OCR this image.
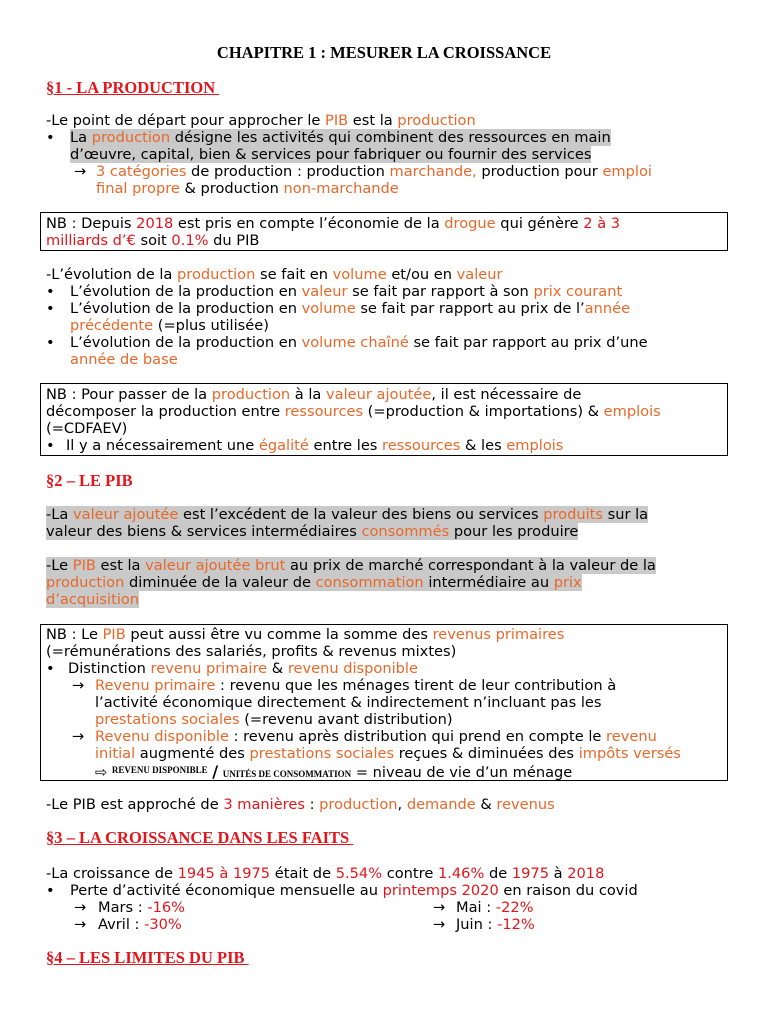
CHAPITRE 1 : MESURER LA CROISSANCE
§1 - LA PRODUCTION
-Le point de départ pour approcher le PIB est la production
• La production désigne les activités qui combinent des ressources en main
d’œuvre, capital, bien & services pour fabriquer ou fournir des services
→ 3 catégories de production : production marchande, production pour emploi
final propre & production non-marchande
NB : Depuis 2018 est pris en compte l’économie de la drogue qui génère 2 à 3
milliards d’€ soit 0.1% du PIB
-L’évolution de la production se fait en volume et/ou en valeur
• L’évolution de la production en valeur se fait par rapport à son prix courant
• L’évolution de la production en volume se fait par rapport au prix de l’année
précédente (=plus utilisée)
• L’évolution de la production en volume chaîné se fait par rapport au prix d’une
année de base
NB : Pour passer de la production à la valeur ajoutée, il est nécessaire de
décomposer la production entre ressources (=production & importations) & emplois
(=CDFAEV)
• Il y a nécessairement une égalité entre les ressources & les emplois
§2 – LE PIB
-La valeur ajoutée est l’excédent de la valeur des biens ou services produits sur la
valeur des biens & services intermédiaires consommés pour les produire
-Le PIB est la valeur ajoutée brut au prix de marché correspondant à la valeur de la
production diminuée de la valeur de consommation intermédiaire au prix
d’acquisition
NB : Le PIB peut aussi être vu comme la somme des revenus primaires
(=rémunérations des salariés, profits & revenus mixtes)
• Distinction revenu primaire & revenu disponible
→ Revenu primaire : revenu que les ménages tirent de leur contribution à
l’activité économique directement & indirectement n’incluant pas les
prestations sociales (=revenu avant distribution)
→ Revenu disponible : revenu après distribution qui prend en compte le revenu
initial augmenté des prestations sociales reçues & diminuées des impôts versés
⇨ $^{REVENU DISPONIBLE}$ / UNITÉS DE CONSOMMATION = niveau de vie d’un ménage
-Le PIB est approché de 3 manières : production, demande & revenus
§3 – LA CROISSANCE DANS LES FAITS
-La croissance de 1945 à 1975 était de 5.54% contre 1.46% de 1975 à 2018
• Perte d’activité économique mensuelle au printemps 2020 en raison du covid
→ Mars : -16%	→ Mai : -22%
→ Avril : -30%	→ Juin : -12%
§4 – LES LIMITES DU PIB
